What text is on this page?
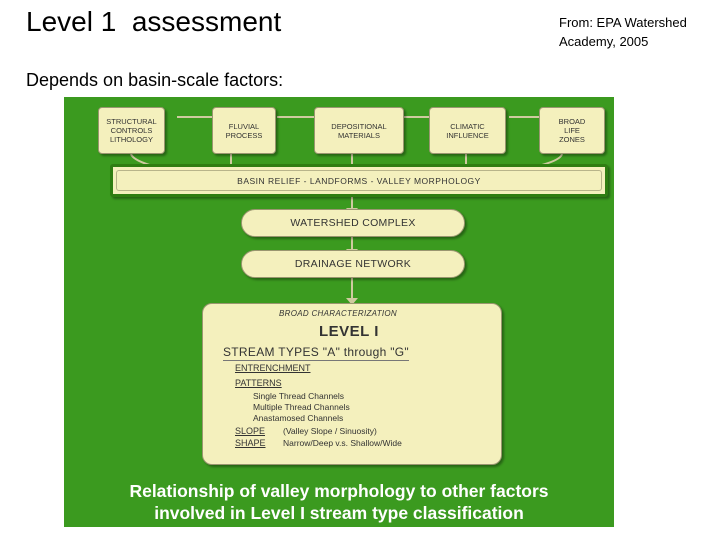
Level 1  assessment	From: EPA Watershed Academy, 2005
Depends on basin-scale factors:
STRUCTURAL
CONTROLS
LITHOLOGY
FLUVIAL
PROCESS
DEPOSITIONAL
MATERIALS
CLIMATIC
INFLUENCE
BROAD
LIFE
ZONES
BASIN RELIEF - LANDFORMS - VALLEY MORPHOLOGY
WATERSHED COMPLEX
DRAINAGE NETWORK
BROAD CHARACTERIZATION
LEVEL I
STREAM TYPES "A" through "G"
ENTRENCHMENT
PATTERNS
Single Thread Channels
Multiple Thread Channels
Anastamosed Channels
SLOPE (Valley Slope / Sinuosity)
SHAPE Narrow/Deep v.s. Shallow/Wide
Relationship of valley morphology to other factors
involved in Level I stream type classification
